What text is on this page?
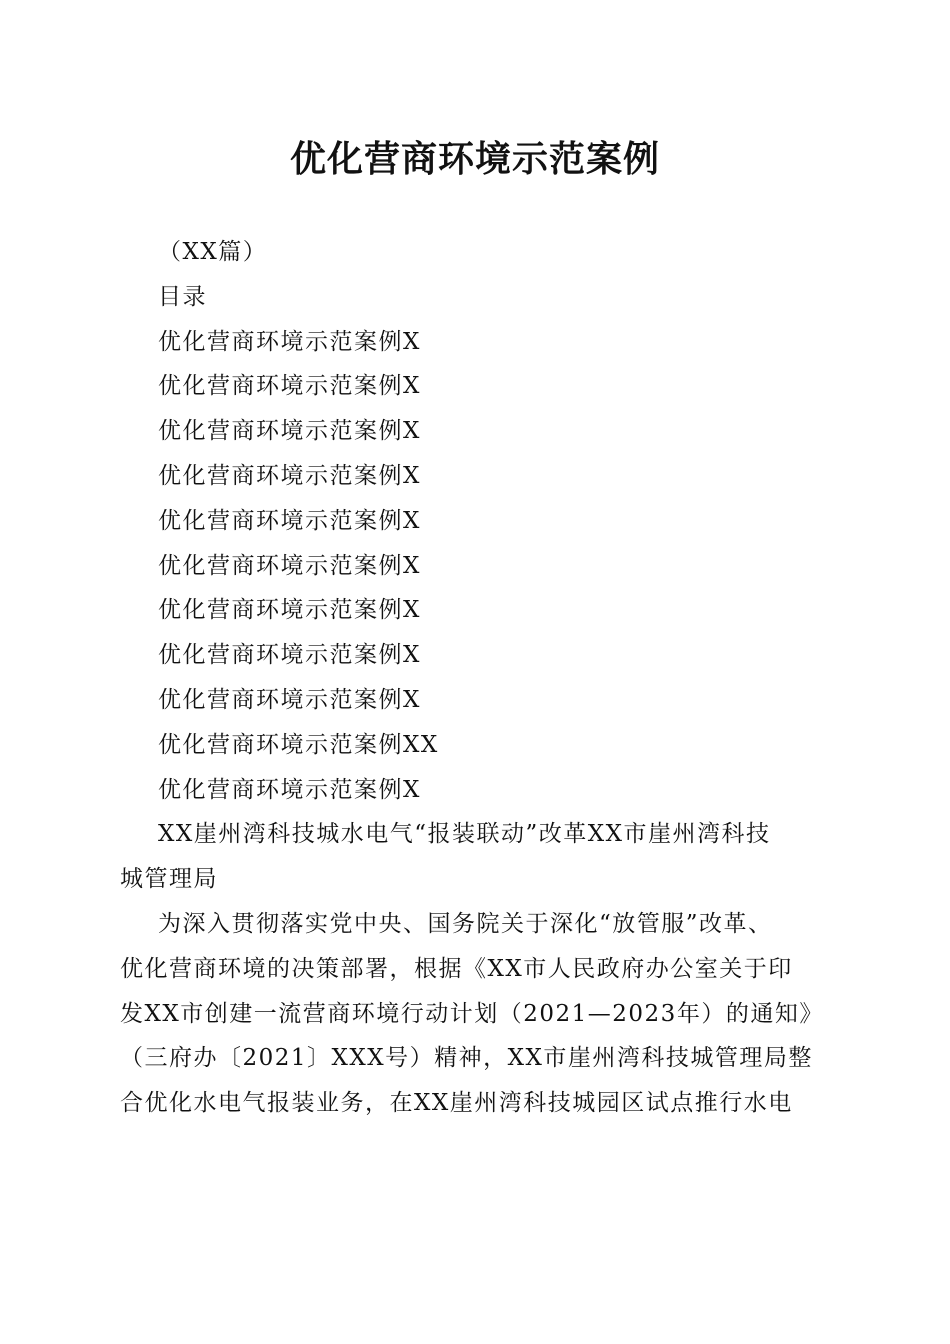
优化营商环境示范案例
（XX篇）
目录
优化营商环境示范案例X
优化营商环境示范案例X
优化营商环境示范案例X
优化营商环境示范案例X
优化营商环境示范案例X
优化营商环境示范案例X
优化营商环境示范案例X
优化营商环境示范案例X
优化营商环境示范案例X
优化营商环境示范案例XX
优化营商环境示范案例X
XX崖州湾科技城水电气“报装联动”改革XX市崖州湾科技
城管理局
为深入贯彻落实党中央、国务院关于深化“放管服”改革、
优化营商环境的决策部署，根据《XX市人民政府办公室关于印
发XX市创建一流营商环境行动计划（2021—2023年）的通知》
（三府办〔2021〕XXX号）精神，XX市崖州湾科技城管理局整
合优化水电气报装业务，在XX崖州湾科技城园区试点推行水电
